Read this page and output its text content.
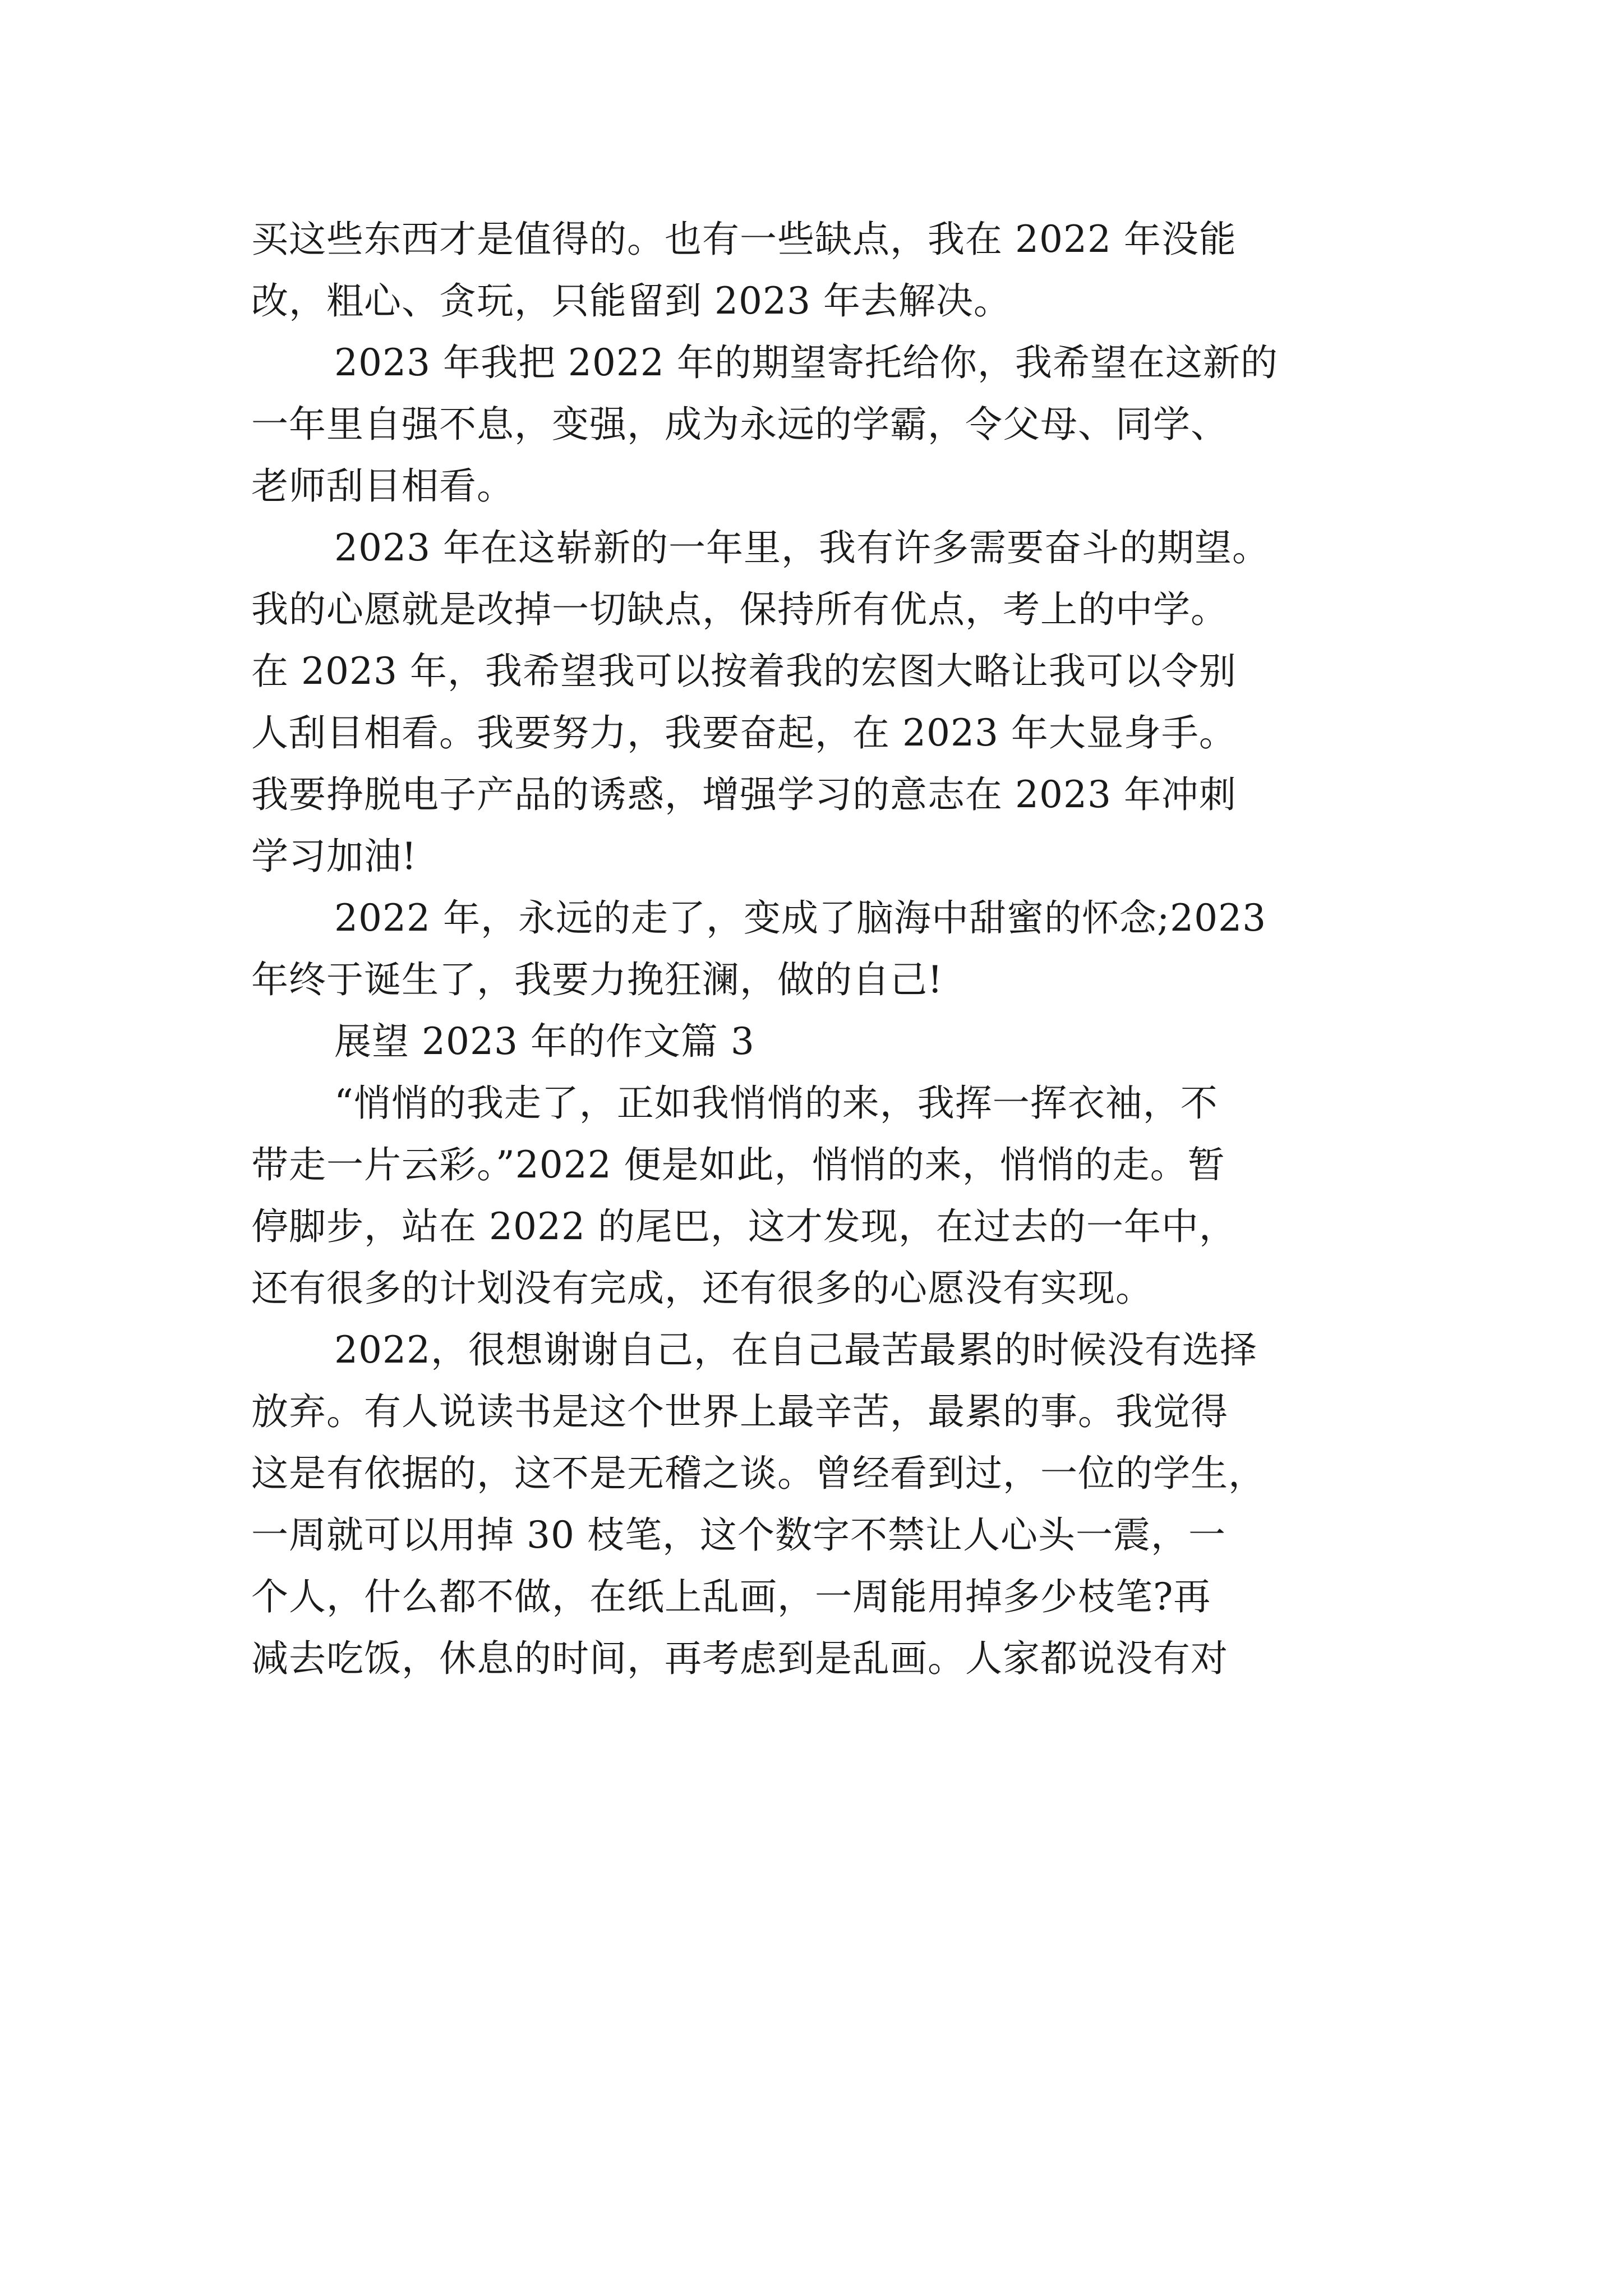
买这些东西才是值得的。也有一些缺点，我在 2022 年没能
改，粗心、贪玩，只能留到 2023 年去解决。
2023 年我把 2022 年的期望寄托给你，我希望在这新的
一年里自强不息，变强，成为永远的学霸，令父母、同学、
老师刮目相看。
2023 年在这崭新的一年里，我有许多需要奋斗的期望。
我的心愿就是改掉一切缺点，保持所有优点，考上的中学。
在 2023 年，我希望我可以按着我的宏图大略让我可以令别
人刮目相看。我要努力，我要奋起，在 2023 年大显身手。
我要挣脱电子产品的诱惑，增强学习的意志在 2023 年冲刺
学习加油!
2022 年，永远的走了，变成了脑海中甜蜜的怀念;2023
年终于诞生了，我要力挽狂澜，做的自己!
展望 2023 年的作文篇 3
“悄悄的我走了，正如我悄悄的来，我挥一挥衣袖，不
带走一片云彩。”2022 便是如此，悄悄的来，悄悄的走。暂
停脚步，站在 2022 的尾巴，这才发现，在过去的一年中，
还有很多的计划没有完成，还有很多的心愿没有实现。
2022，很想谢谢自己，在自己最苦最累的时候没有选择
放弃。有人说读书是这个世界上最辛苦，最累的事。我觉得
这是有依据的，这不是无稽之谈。曾经看到过，一位的学生，
一周就可以用掉 30 枝笔，这个数字不禁让人心头一震，一
个人，什么都不做，在纸上乱画，一周能用掉多少枝笔?再
减去吃饭，休息的时间，再考虑到是乱画。人家都说没有对
